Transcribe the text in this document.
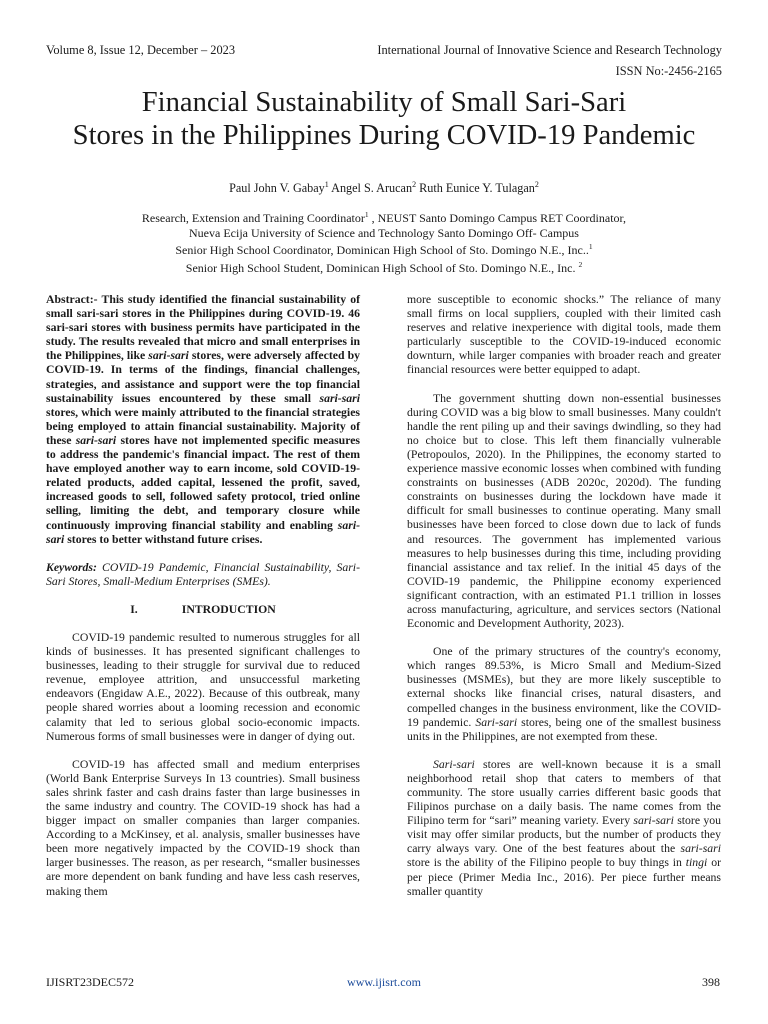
Volume 8, Issue 12, December – 2023	International Journal of Innovative Science and Research Technology
ISSN No:-2456-2165
Financial Sustainability of Small Sari-Sari
Stores in the Philippines During COVID-19 Pandemic
Paul John V. Gabay$^1$ Angel S. Arucan$^2$ Ruth Eunice Y. Tulagan$^2$
Research, Extension and Training Coordinator$^1$ , NEUST Santo Domingo Campus RET Coordinator,
Nueva Ecija University of Science and Technology Santo Domingo Off- Campus
Senior High School Coordinator, Dominican High School of Sto. Domingo N.E., Inc..$^1$
Senior High School Student, Dominican High School of Sto. Domingo N.E., Inc. $^2$

Abstract:- This study identified the financial sustainability of small sari-sari stores in the Philippines during COVID-19. 46 sari-sari stores with business permits have participated in the study. The results revealed that micro and small enterprises in the Philippines, like sari-sari stores, were adversely affected by COVID-19. In terms of the findings, financial challenges, strategies, and assistance and support were the top financial sustainability issues encountered by these small sari-sari stores, which were mainly attributed to the financial strategies being employed to attain financial sustainability. Majority of these sari-sari stores have not implemented specific measures to address the pandemic's financial impact. The rest of them have employed another way to earn income, sold COVID-19-related products, added capital, lessened the profit, saved, increased goods to sell, followed safety protocol, tried online selling, limiting the debt, and temporary closure while continuously improving financial stability and enabling sari-sari stores to better withstand future crises.

Keywords: COVID-19 Pandemic, Financial Sustainability, Sari-Sari Stores, Small-Medium Enterprises (SMEs).

I.	INTRODUCTION

COVID-19 pandemic resulted to numerous struggles for all kinds of businesses. It has presented significant challenges to businesses, leading to their struggle for survival due to reduced revenue, employee attrition, and unsuccessful marketing endeavors (Engidaw A.E., 2022). Because of this outbreak, many people shared worries about a looming recession and economic calamity that led to serious global socio-economic impacts. Numerous forms of small businesses were in danger of dying out.

COVID-19 has affected small and medium enterprises (World Bank Enterprise Surveys In 13 countries). Small business sales shrink faster and cash drains faster than large businesses in the same industry and country. The COVID-19 shock has had a bigger impact on smaller companies than larger companies. According to a McKinsey, et al. analysis, smaller businesses have been more negatively impacted by the COVID-19 shock than larger businesses. The reason, as per research, “smaller businesses are more dependent on bank funding and have less cash reserves, making them

more susceptible to economic shocks.” The reliance of many small firms on local suppliers, coupled with their limited cash reserves and relative inexperience with digital tools, made them particularly susceptible to the COVID-19-induced economic downturn, while larger companies with broader reach and greater financial resources were better equipped to adapt.

The government shutting down non-essential businesses during COVID was a big blow to small businesses. Many couldn't handle the rent piling up and their savings dwindling, so they had no choice but to close. This left them financially vulnerable (Petropoulos, 2020). In the Philippines, the economy started to experience massive economic losses when combined with funding constraints on businesses (ADB 2020c, 2020d). The funding constraints on businesses during the lockdown have made it difficult for small businesses to continue operating. Many small businesses have been forced to close down due to lack of funds and resources. The government has implemented various measures to help businesses during this time, including providing financial assistance and tax relief. In the initial 45 days of the COVID-19 pandemic, the Philippine economy experienced significant contraction, with an estimated P1.1 trillion in losses across manufacturing, agriculture, and services sectors (National Economic and Development Authority, 2023).

One of the primary structures of the country's economy, which ranges 89.53%, is Micro Small and Medium-Sized businesses (MSMEs), but they are more likely susceptible to external shocks like financial crises, natural disasters, and compelled changes in the business environment, like the COVID-19 pandemic. Sari-sari stores, being one of the smallest business units in the Philippines, are not exempted from these.

Sari-sari stores are well-known because it is a small neighborhood retail shop that caters to members of that community. The store usually carries different basic goods that Filipinos purchase on a daily basis. The name comes from the Filipino term for “sari” meaning variety. Every sari-sari store you visit may offer similar products, but the number of products they carry always vary. One of the best features about the sari-sari store is the ability of the Filipino people to buy things in tingi or per piece (Primer Media Inc., 2016). Per piece further means smaller quantity

IJISRT23DEC572	www.ijisrt.com	398
